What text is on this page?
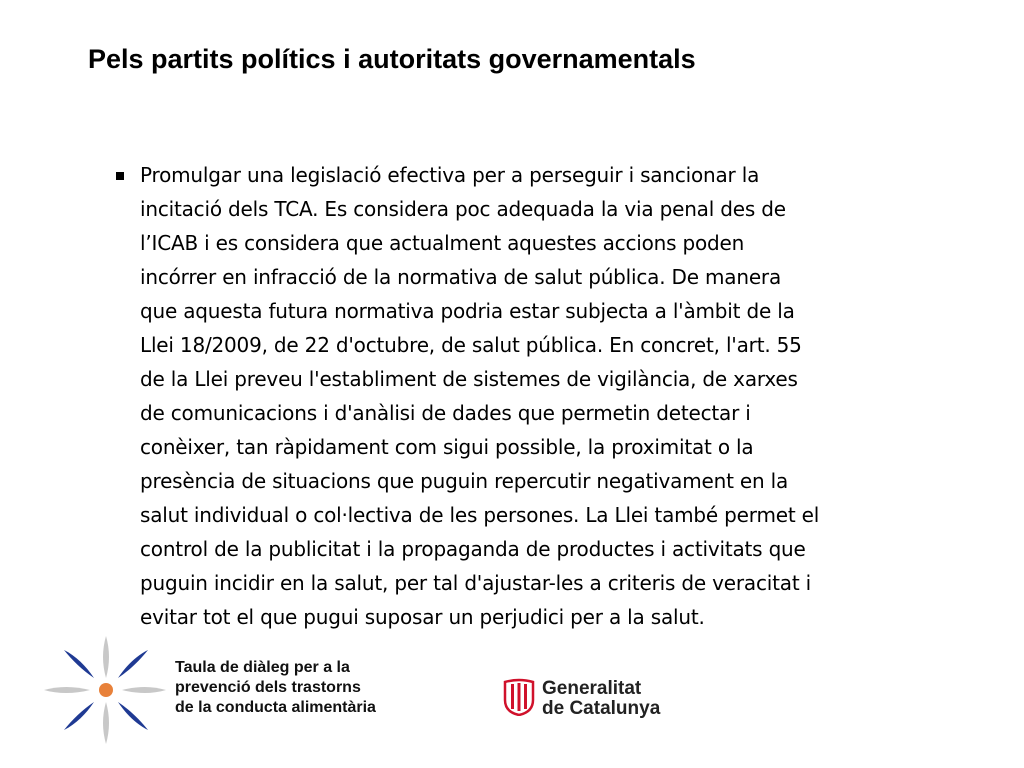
Pels partits polítics i autoritats governamentals
Promulgar una legislació efectiva per a perseguir i sancionar la
incitació dels TCA. Es considera poc adequada la via penal des de
l’ICAB i es considera que actualment aquestes accions poden
incórrer en infracció de la normativa de salut pública. De manera
que aquesta futura normativa podria estar subjecta a l'àmbit de la
Llei 18/2009, de 22 d'octubre, de salut pública. En concret, l'art. 55
de la Llei preveu l'establiment de sistemes de vigilància, de xarxes
de comunicacions i d'anàlisi de dades que permetin detectar i
conèixer, tan ràpidament com sigui possible, la proximitat o la
presència de situacions que puguin repercutir negativament en la
salut individual o col·lectiva de les persones. La Llei també permet el
control de la publicitat i la propaganda de productes i activitats que
puguin incidir en la salut, per tal d'ajustar-les a criteris de veracitat i
evitar tot el que pugui suposar un perjudici per a la salut.
Taula de diàleg per a la
prevenció dels trastorns
de la conducta alimentària
Generalitat
de Catalunya
